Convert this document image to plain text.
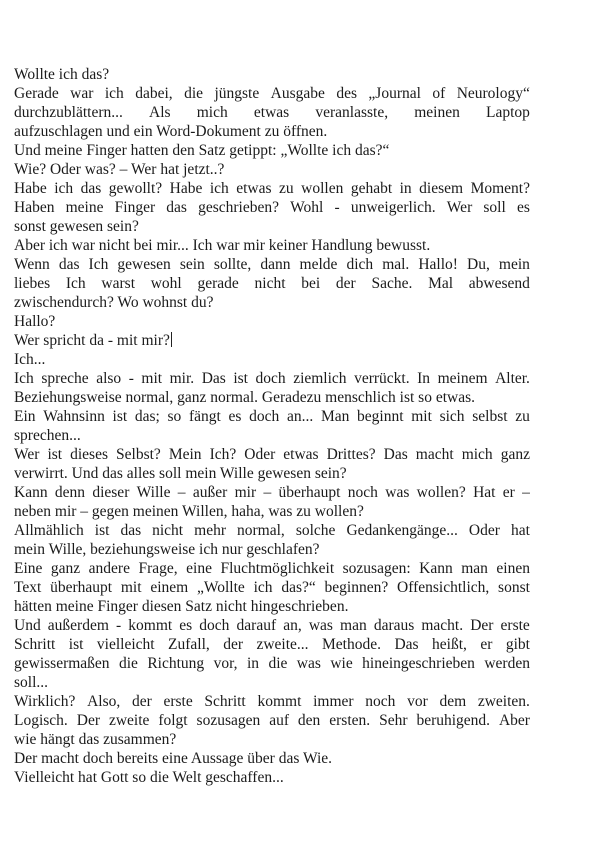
Wollte ich das?
Gerade war ich dabei, die jüngste Ausgabe des „Journal of Neurology“
durchzublättern... Als mich etwas veranlasste, meinen Laptop
aufzuschlagen und ein Word-Dokument zu öffnen.
Und meine Finger hatten den Satz getippt: „Wollte ich das?“
Wie? Oder was? – Wer hat jetzt..?
Habe ich das gewollt? Habe ich etwas zu wollen gehabt in diesem Moment?
Haben meine Finger das geschrieben? Wohl - unweigerlich. Wer soll es
sonst gewesen sein?
Aber ich war nicht bei mir... Ich war mir keiner Handlung bewusst.
Wenn das Ich gewesen sein sollte, dann melde dich mal. Hallo! Du, mein
liebes Ich warst wohl gerade nicht bei der Sache. Mal abwesend
zwischendurch? Wo wohnst du?
Hallo?
Wer spricht da - mit mir?
Ich...
Ich spreche also - mit mir. Das ist doch ziemlich verrückt. In meinem Alter.
Beziehungsweise normal, ganz normal. Geradezu menschlich ist so etwas.
Ein Wahnsinn ist das; so fängt es doch an... Man beginnt mit sich selbst zu
sprechen...
Wer ist dieses Selbst? Mein Ich? Oder etwas Drittes? Das macht mich ganz
verwirrt. Und das alles soll mein Wille gewesen sein?
Kann denn dieser Wille – außer mir – überhaupt noch was wollen? Hat er –
neben mir – gegen meinen Willen, haha, was zu wollen?
Allmählich ist das nicht mehr normal, solche Gedankengänge... Oder hat
mein Wille, beziehungsweise ich nur geschlafen?
Eine ganz andere Frage, eine Fluchtmöglichkeit sozusagen: Kann man einen
Text überhaupt mit einem „Wollte ich das?“ beginnen? Offensichtlich, sonst
hätten meine Finger diesen Satz nicht hingeschrieben.
Und außerdem - kommt es doch darauf an, was man daraus macht. Der erste
Schritt ist vielleicht Zufall, der zweite... Methode. Das heißt, er gibt
gewissermaßen die Richtung vor, in die was wie hineingeschrieben werden
soll...
Wirklich? Also, der erste Schritt kommt immer noch vor dem zweiten.
Logisch. Der zweite folgt sozusagen auf den ersten. Sehr beruhigend. Aber
wie hängt das zusammen?
Der macht doch bereits eine Aussage über das Wie.
Vielleicht hat Gott so die Welt geschaffen...
